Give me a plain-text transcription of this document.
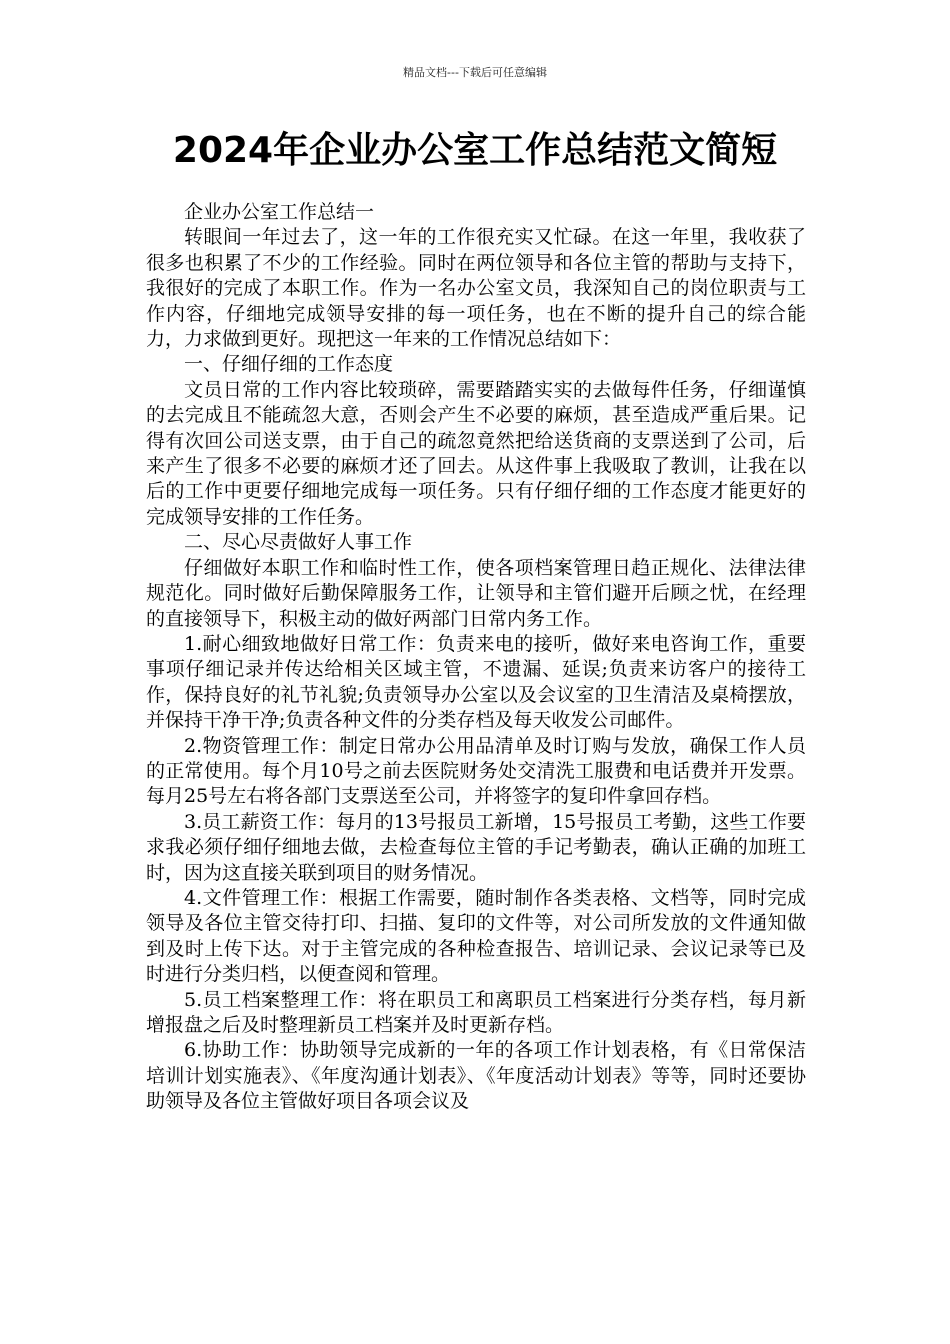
精品文档---下载后可任意编辑
2024年企业办公室工作总结范文简短

企业办公室工作总结一

转眼间一年过去了，这一年的工作很充实又忙碌。在这一年里，我收获了很多也积累了不少的工作经验。同时在两位领导和各位主管的帮助与支持下，我很好的完成了本职工作。作为一名办公室文员，我深知自己的岗位职责与工作内容，仔细地完成领导安排的每一项任务，也在不断的提升自己的综合能力，力求做到更好。现把这一年来的工作情况总结如下：

一、仔细仔细的工作态度

文员日常的工作内容比较琐碎，需要踏踏实实的去做每件任务，仔细谨慎的去完成且不能疏忽大意，否则会产生不必要的麻烦，甚至造成严重后果。记得有次回公司送支票，由于自己的疏忽竟然把给送货商的支票送到了公司，后来产生了很多不必要的麻烦才还了回去。从这件事上我吸取了教训，让我在以后的工作中更要仔细地完成每一项任务。只有仔细仔细的工作态度才能更好的完成领导安排的工作任务。

二、尽心尽责做好人事工作

仔细做好本职工作和临时性工作，使各项档案管理日趋正规化、法律法律规范化。同时做好后勤保障服务工作，让领导和主管们避开后顾之忧，在经理的直接领导下，积极主动的做好两部门日常内务工作。

1.耐心细致地做好日常工作：负责来电的接听，做好来电咨询工作，重要事项仔细记录并传达给相关区域主管，不遗漏、延误;负责来访客户的接待工作，保持良好的礼节礼貌;负责领导办公室以及会议室的卫生清洁及桌椅摆放，并保持干净干净;负责各种文件的分类存档及每天收发公司邮件。

2.物资管理工作：制定日常办公用品清单及时订购与发放，确保工作人员的正常使用。每个月10号之前去医院财务处交清洗工服费和电话费并开发票。每月25号左右将各部门支票送至公司，并将签字的复印件拿回存档。

3.员工薪资工作：每月的13号报员工新增，15号报员工考勤，这些工作要求我必须仔细仔细地去做，去检查每位主管的手记考勤表，确认正确的加班工时，因为这直接关联到项目的财务情况。

4.文件管理工作：根据工作需要，随时制作各类表格、文档等，同时完成领导及各位主管交待打印、扫描、复印的文件等，对公司所发放的文件通知做到及时上传下达。对于主管完成的各种检查报告、培训记录、会议记录等已及时进行分类归档，以便查阅和管理。

5.员工档案整理工作：将在职员工和离职员工档案进行分类存档，每月新增报盘之后及时整理新员工档案并及时更新存档。

6.协助工作：协助领导完成新的一年的各项工作计划表格，有《日常保洁培训计划实施表》、《年度沟通计划表》、《年度活动计划表》等等，同时还要协助领导及各位主管做好项目各项会议及
